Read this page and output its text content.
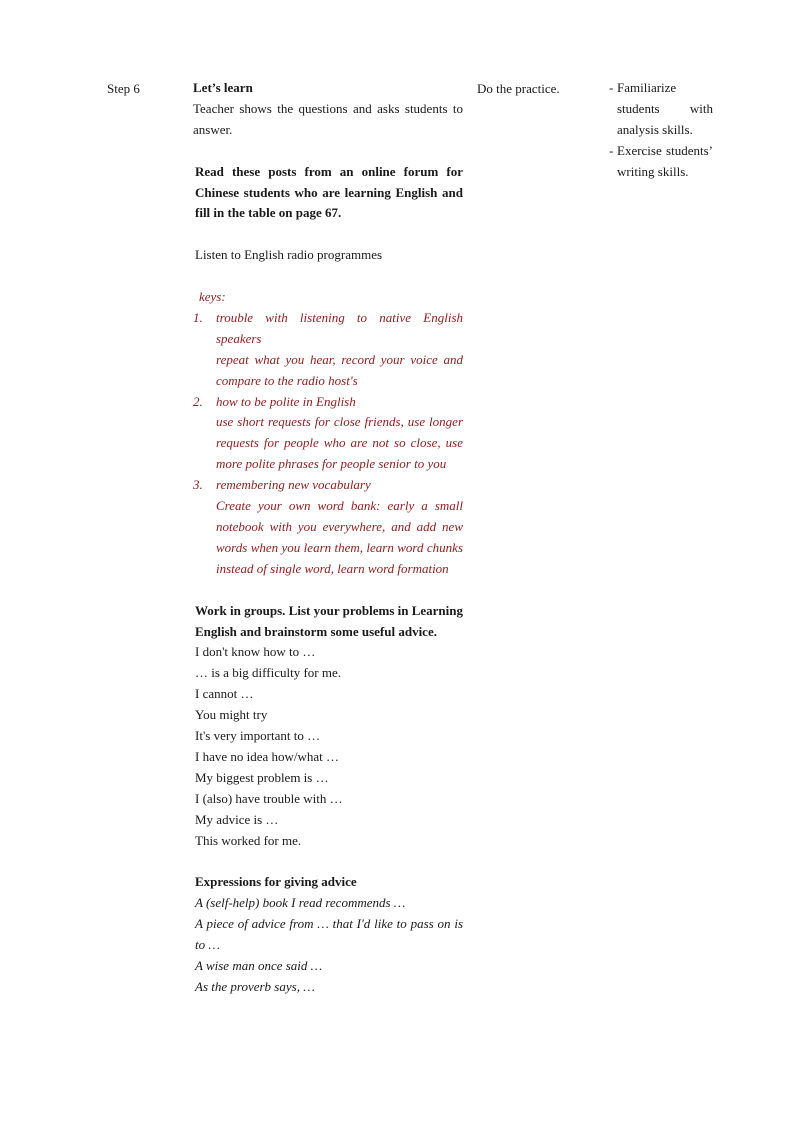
Step 6	Let’s learn
Teacher shows the questions and asks students to answer.
Read these posts from an online forum for Chinese students who are learning English and fill in the table on page 67.
Listen to English radio programmes
keys:
1. trouble with listening to native English speakers
repeat what you hear, record your voice and compare to the radio host's
2. how to be polite in English
use short requests for close friends, use longer requests for people who are not so close, use more polite phrases for people senior to you
3. remembering new vocabulary
Create your own word bank: early a small notebook with you everywhere, and add new words when you learn them, learn word chunks instead of single word, learn word formation
Work in groups. List your problems in Learning English and brainstorm some useful advice.
I don't know how to …
… is a big difficulty for me.
I cannot …
You might try
It's very important to …
I have no idea how/what …
My biggest problem is …
I (also) have trouble with …
My advice is …
This worked for me.
Expressions for giving advice
A (self-help) book I read recommends …
A piece of advice from … that I'd like to pass on is to …
A wise man once said …
As the proverb says, …
Do the practice.	- Familiarize students with analysis skills.
- Exercise students’ writing skills.
